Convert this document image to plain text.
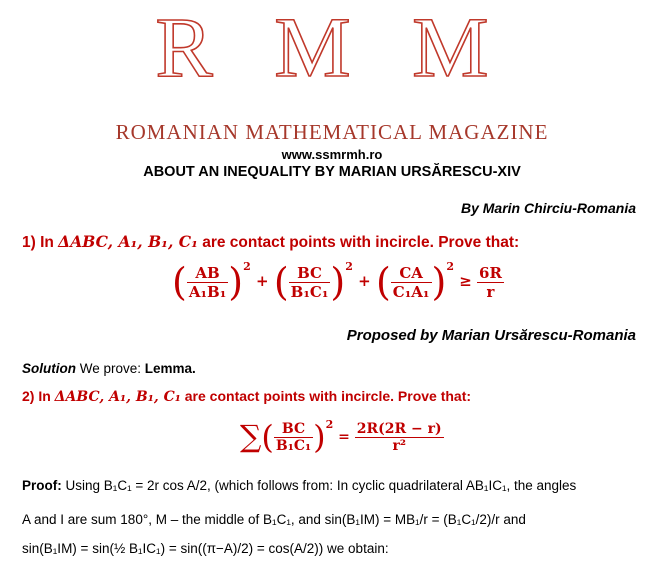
R M M
ROMANIAN MATHEMATICAL MAGAZINE
www.ssmrmh.ro
ABOUT AN INEQUALITY BY MARIAN URSĂRESCU-XIV
By Marin Chirciu-Romania
1) In ΔABC, A₁, B₁, C₁ are contact points with incircle. Prove that:
( $\frac{AB}{\text{A₁B₁}} )^2$ + ( $\frac{BC}{\text{B₁C₁}} )^2$ + ( $\frac{CA}{\text{C₁A₁}} )^2 \ge \frac{6R}{r}$
Proposed by Marian Ursărescu-Romania
Solution We prove: Lemma.
2) In ΔABC, A₁, B₁, C₁ are contact points with incircle. Prove that:
∑( $\frac{BC}{\text{B₁C₁}} )^2 = \frac{2R(2R - r)}{\text{r²}}$
Proof: Using B₁C₁ = 2r cos A/2, (which follows from: In cyclic quadrilateral AB₁IC₁, the angles
A and I are sum 180°, M – the middle of B₁C₁, and sin(B₁IM) = MB₁/r = (B₁C₁/2)/r and
sin(B₁IM) = sin(½ B₁IC₁) = sin((π−A)/2) = cos(A/2)) we obtain:
